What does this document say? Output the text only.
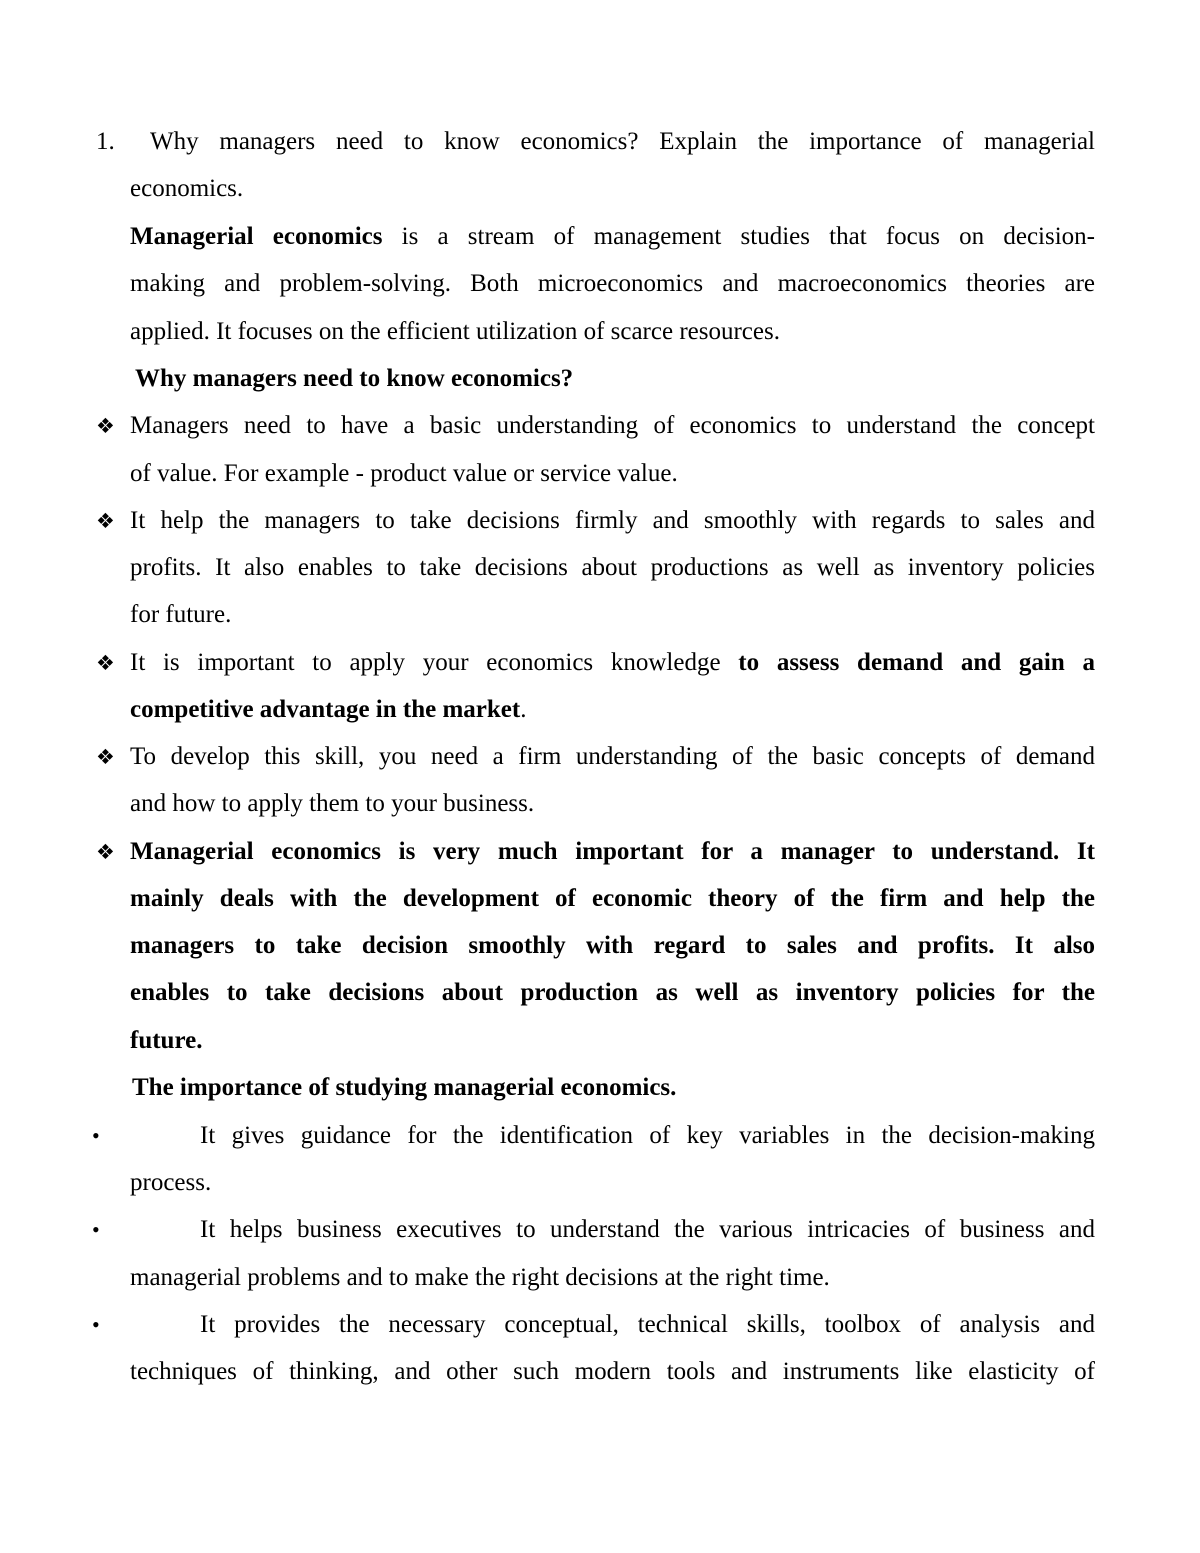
1. Why managers need to know economics? Explain the importance of managerial
economics.
Managerial economics is a stream of management studies that focus on decision-
making and problem-solving. Both microeconomics and macroeconomics theories are
applied. It focuses on the efficient utilization of scarce resources.
Why managers need to know economics?
❖ Managers need to have a basic understanding of economics to understand the concept
of value. For example - product value or service value.
❖ It help the managers to take decisions firmly and smoothly with regards to sales and
profits. It also enables to take decisions about productions as well as inventory policies
for future.
❖ It is important to apply your economics knowledge to assess demand and gain a
competitive advantage in the market.
❖ To develop this skill, you need a firm understanding of the basic concepts of demand
and how to apply them to your business.
❖ Managerial economics is very much important for a manager to understand. It
mainly deals with the development of economic theory of the firm and help the
managers to take decision smoothly with regard to sales and profits. It also
enables to take decisions about production as well as inventory policies for the
future.
The importance of studying managerial economics.
•	It gives guidance for the identification of key variables in the decision-making
process.
•	It helps business executives to understand the various intricacies of business and
managerial problems and to make the right decisions at the right time.
•	It provides the necessary conceptual, technical skills, toolbox of analysis and
techniques of thinking, and other such modern tools and instruments like elasticity of
